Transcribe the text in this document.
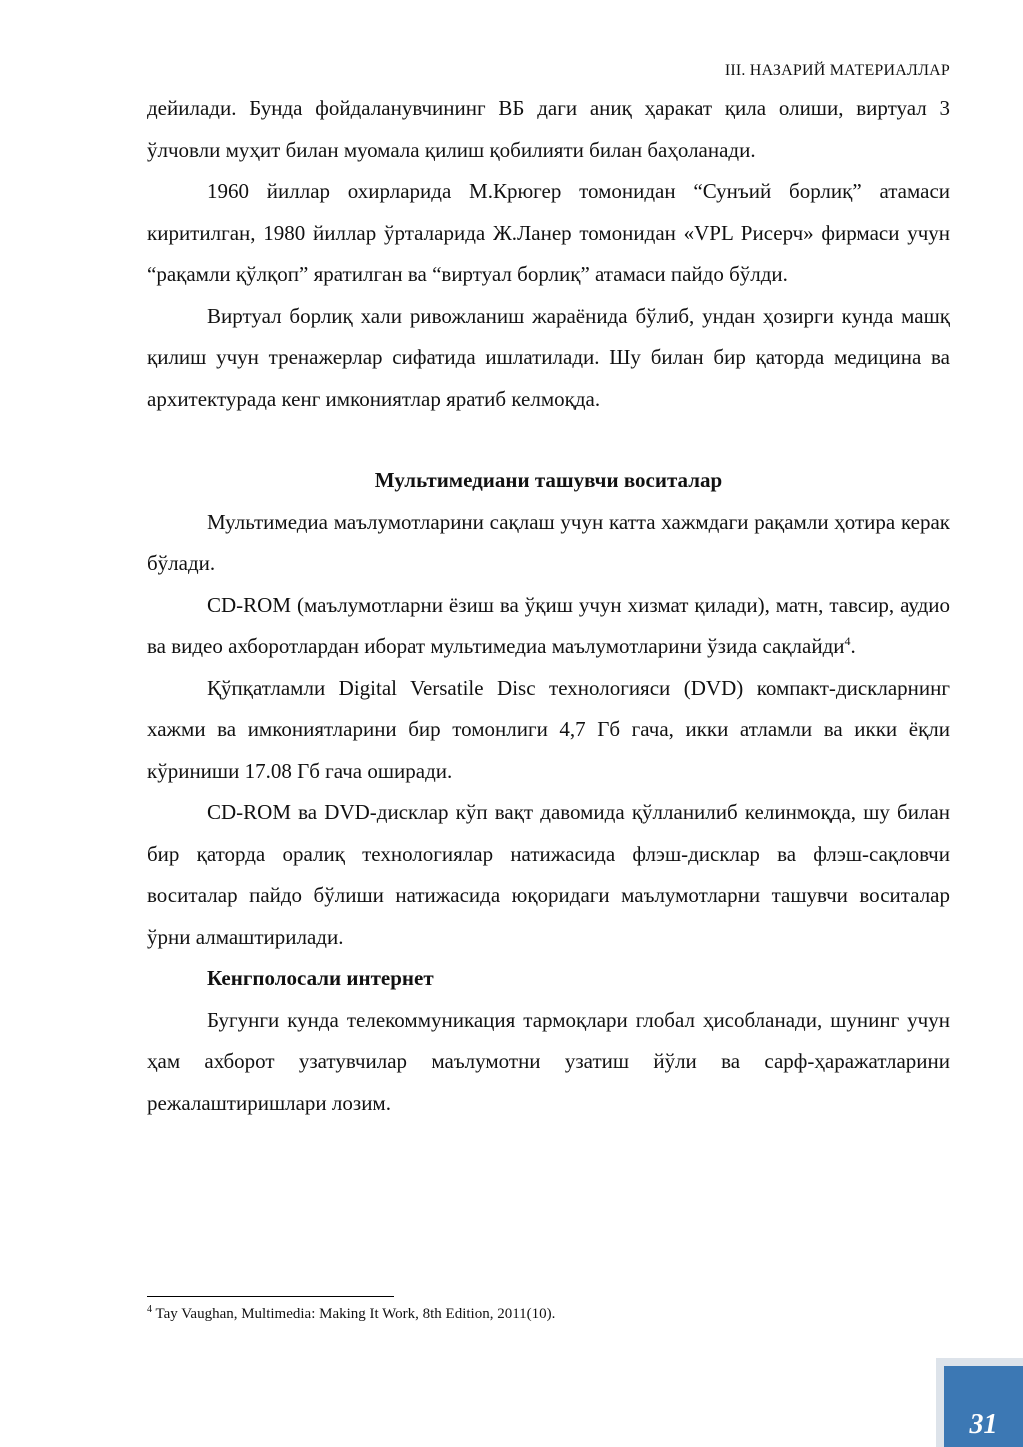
III. НАЗАРИЙ МАТЕРИАЛЛАР

дейилади. Бунда фойдаланувчининг ВБ даги аниқ ҳаракат қила олиши, виртуал 3 ўлчовли муҳит билан муомала қилиш қобилияти билан баҳоланади.

1960 йиллар охирларида М.Крюгер томонидан “Сунъий борлиқ” атамаси киритилган, 1980 йиллар ўрталарида Ж.Ланер томонидан «VPL Рисерч» фирмаси учун “рақамли қўлқоп” яратилган ва “виртуал борлиқ” атамаси пайдо бўлди.

Виртуал борлиқ хали ривожланиш жараёнида бўлиб, ундан ҳозирги кунда машқ қилиш учун тренажерлар сифатида ишлатилади. Шу билан бир қаторда медицина ва архитектурада кенг имкониятлар яратиб келмоқда.

Мультимедиани ташувчи воситалар

Мультимедиа маълумотларини сақлаш учун катта хажмдаги рақамли ҳотира керак бўлади.

CD-ROM (маълумотларни ёзиш ва ўқиш учун хизмат қилади), матн, тавсир, аудио ва видео ахборотлардан иборат мультимедиа маълумотларини ўзида сақлайди$^4$.

Қўпқатламли Digital Versatile Disc технологияси (DVD) компакт-дискларнинг хажми ва имкониятларини бир томонлиги 4,7 Гб гача, икки атламли ва икки ёқли кўриниши 17.08 Гб гача оширади.

CD-ROM ва DVD-дисклар кўп вақт давомида қўлланилиб келинмоқда, шу билан бир қаторда оралиқ технологиялар натижасида флэш-дисклар ва флэш-сақловчи воситалар пайдо бўлиши натижасида юқоридаги маълумотларни ташувчи воситалар ўрни алмаштирилади.

Кенгполосали интернет

Бугунги кунда телекоммуникация тармоқлари глобал ҳисобланади, шунинг учун ҳам ахборот узатувчилар маълумотни узатиш йўли ва сарф-ҳаражатларини режалаштиришлари лозим.

$^4$ Tay Vaughan, Multimedia: Making It Work, 8th Edition, 2011(10).
31
